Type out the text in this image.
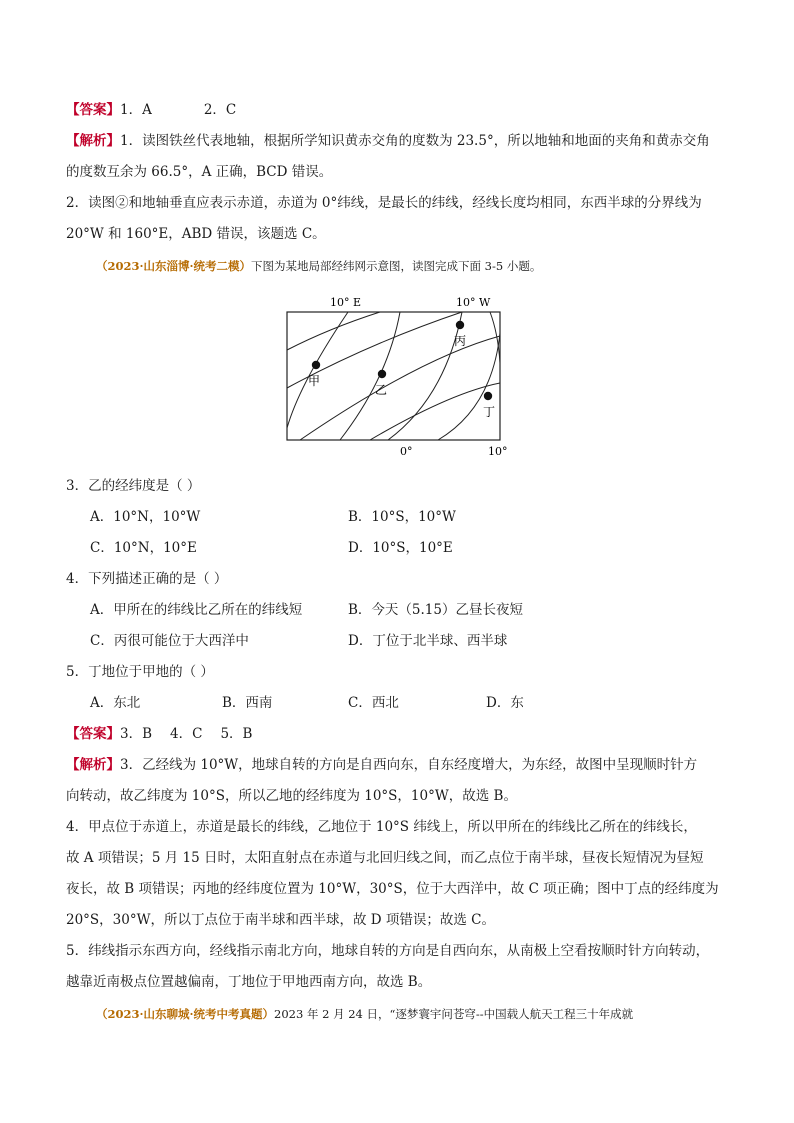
【答案】1．A	2．C
【解析】1．读图铁丝代表地轴，根据所学知识黄赤交角的度数为 23.5°，所以地轴和地面的夹角和黄赤交角
的度数互余为 66.5°，A 正确，BCD 错误。
2．读图②和地轴垂直应表示赤道，赤道为 0°纬线，是最长的纬线，经线长度均相同，东西半球的分界线为
20°W 和 160°E，ABD 错误，该题选 C。
（2023·山东淄博·统考二模）下图为某地局部经纬网示意图，读图完成下面 3-5 小题。
甲
乙
丙
丁
10° E	10° W
0°	10°
3．乙的经纬度是（ ）
A．10°N，10°W	B．10°S，10°W
C．10°N，10°E	D．10°S，10°E
4．下列描述正确的是（ ）
A．甲所在的纬线比乙所在的纬线短	B．今天（5.15）乙昼长夜短
C．丙很可能位于大西洋中	D．丁位于北半球、西半球
5．丁地位于甲地的（ ）
A．东北	B．西南	C．西北	D．东
【答案】3．B 4．C 5．B
【解析】3．乙经线为 10°W，地球自转的方向是自西向东，自东经度增大，为东经，故图中呈现顺时针方
向转动，故乙纬度为 10°S，所以乙地的经纬度为 10°S，10°W，故选 B。
4．甲点位于赤道上，赤道是最长的纬线，乙地位于 10°S 纬线上，所以甲所在的纬线比乙所在的纬线长，
故 A 项错误；5 月 15 日时，太阳直射点在赤道与北回归线之间，而乙点位于南半球，昼夜长短情况为昼短
夜长，故 B 项错误；丙地的经纬度位置为 10°W，30°S，位于大西洋中，故 C 项正确；图中丁点的经纬度为
20°S，30°W，所以丁点位于南半球和西半球，故 D 项错误；故选 C。
5．纬线指示东西方向，经线指示南北方向，地球自转的方向是自西向东，从南极上空看按顺时针方向转动，
越靠近南极点位置越偏南，丁地位于甲地西南方向，故选 B。
（2023·山东聊城·统考中考真题）2023 年 2 月 24 日，“逐梦寰宇问苍穹--中国载人航天工程三十年成就
